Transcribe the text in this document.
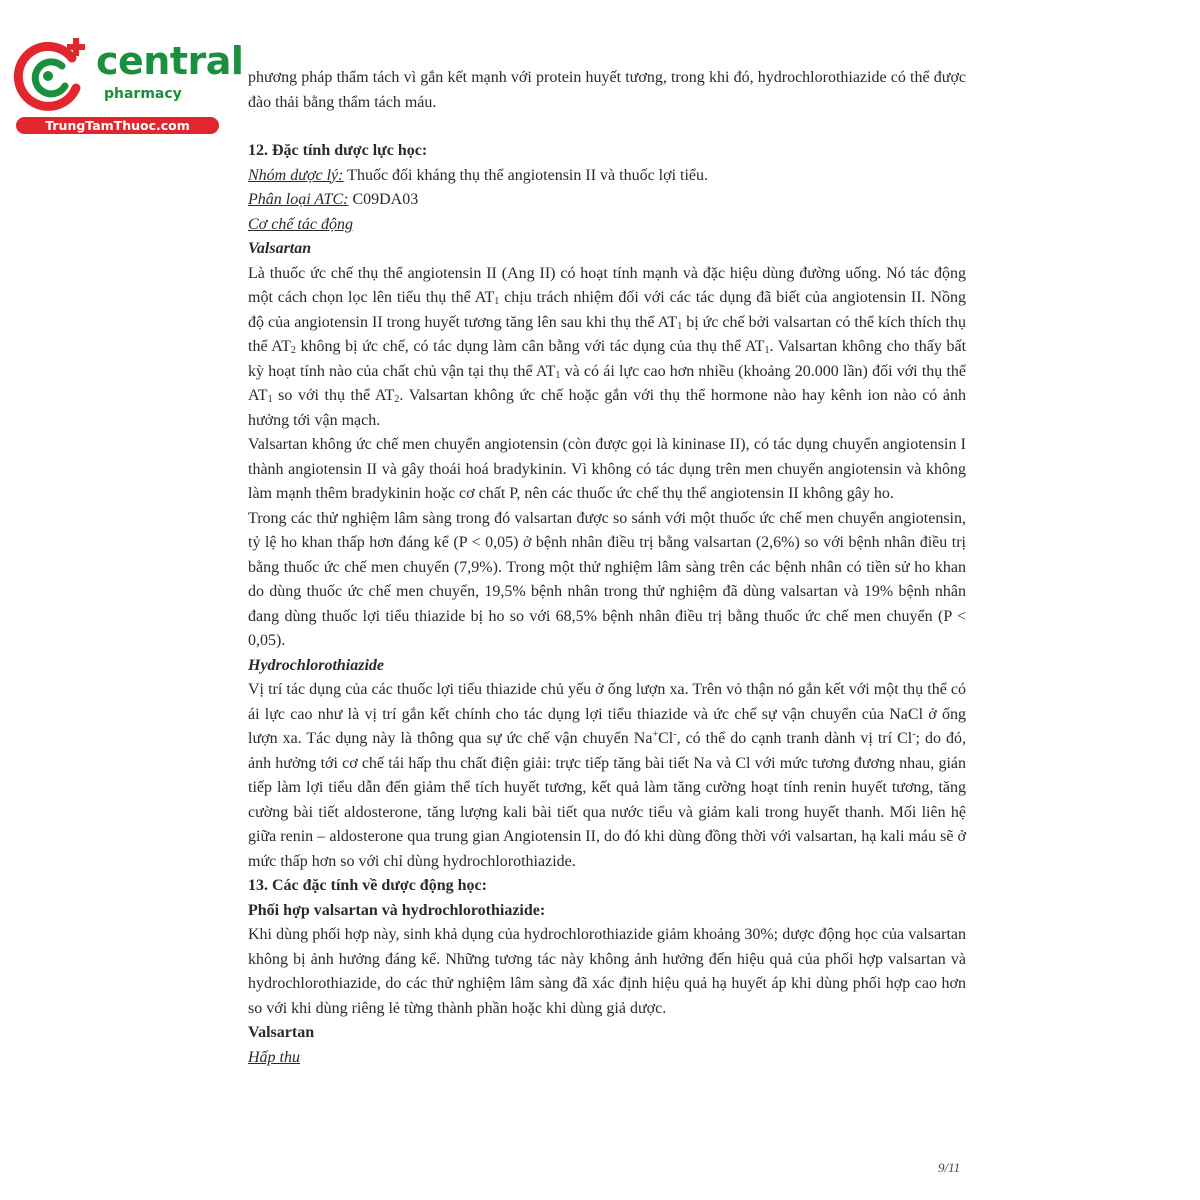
central
pharmacy
TrungTamThuoc.com

phương pháp thẩm tách vì gắn kết mạnh với protein huyết tương, trong khi đó, hydrochlorothiazide có thể được đào thải bằng thẩm tách máu.

12. Đặc tính dược lực học:

Nhóm dược lý: Thuốc đối kháng thụ thể angiotensin II và thuốc lợi tiểu.

Phân loại ATC: C09DA03

Cơ chế tác động

Valsartan

Là thuốc ức chế thụ thể angiotensin II (Ang II) có hoạt tính mạnh và đặc hiệu dùng đường uống. Nó tác động một cách chọn lọc lên tiểu thụ thể $AT_1$ chịu trách nhiệm đối với các tác dụng đã biết của angiotensin II. Nồng độ của angiotensin II trong huyết tương tăng lên sau khi thụ thể $AT_1$ bị ức chế bởi valsartan có thể kích thích thụ thể $AT_2$ không bị ức chế, có tác dụng làm cân bằng với tác dụng của thụ thể $AT_1$. Valsartan không cho thấy bất kỳ hoạt tính nào của chất chủ vận tại thụ thể $AT_1$ và có ái lực cao hơn nhiều (khoảng 20.000 lần) đối với thụ thể $AT_1$ so với thụ thể $AT_2$. Valsartan không ức chế hoặc gắn với thụ thể hormone nào hay kênh ion nào có ảnh hưởng tới vận mạch.

Valsartan không ức chế men chuyển angiotensin (còn được gọi là kininase II), có tác dụng chuyển angiotensin I thành angiotensin II và gây thoái hoá bradykinin. Vì không có tác dụng trên men chuyển angiotensin và không làm mạnh thêm bradykinin hoặc cơ chất P, nên các thuốc ức chế thụ thể angiotensin II không gây ho.

Trong các thử nghiệm lâm sàng trong đó valsartan được so sánh với một thuốc ức chế men chuyển angiotensin, tỷ lệ ho khan thấp hơn đáng kể (P < 0,05) ở bệnh nhân điều trị bằng valsartan (2,6%) so với bệnh nhân điều trị bằng thuốc ức chế men chuyển (7,9%). Trong một thử nghiệm lâm sàng trên các bệnh nhân có tiền sử ho khan do dùng thuốc ức chế men chuyển, 19,5% bệnh nhân trong thử nghiệm đã dùng valsartan và 19% bệnh nhân đang dùng thuốc lợi tiểu thiazide bị ho so với 68,5% bệnh nhân điều trị bằng thuốc ức chế men chuyển (P < 0,05).

Hydrochlorothiazide

Vị trí tác dụng của các thuốc lợi tiểu thiazide chủ yếu ở ống lượn xa. Trên vỏ thận nó gắn kết với một thụ thể có ái lực cao như là vị trí gắn kết chính cho tác dụng lợi tiểu thiazide và ức chế sự vận chuyển của NaCl ở ống lượn xa. Tác dụng này là thông qua sự ức chế vận chuyển Na+Cl-, có thể do cạnh tranh dành vị trí Cl-; do đó, ảnh hưởng tới cơ chế tái hấp thu chất điện giải: trực tiếp tăng bài tiết Na và Cl với mức tương đương nhau, gián tiếp làm lợi tiểu dẫn đến giảm thể tích huyết tương, kết quả làm tăng cường hoạt tính renin huyết tương, tăng cường bài tiết aldosterone, tăng lượng kali bài tiết qua nước tiểu và giảm kali trong huyết thanh. Mối liên hệ giữa renin – aldosterone qua trung gian Angiotensin II, do đó khi dùng đồng thời với valsartan, hạ kali máu sẽ ở mức thấp hơn so với chỉ dùng hydrochlorothiazide.

13. Các đặc tính về dược động học:

Phối hợp valsartan và hydrochlorothiazide:

Khi dùng phối hợp này, sinh khả dụng của hydrochlorothiazide giảm khoảng 30%; dược động học của valsartan không bị ảnh hưởng đáng kể. Những tương tác này không ảnh hưởng đến hiệu quả của phối hợp valsartan và hydrochlorothiazide, do các thử nghiệm lâm sàng đã xác định hiệu quả hạ huyết áp khi dùng phối hợp cao hơn so với khi dùng riêng lẻ từng thành phần hoặc khi dùng giả dược.

Valsartan

Hấp thu

9/11
